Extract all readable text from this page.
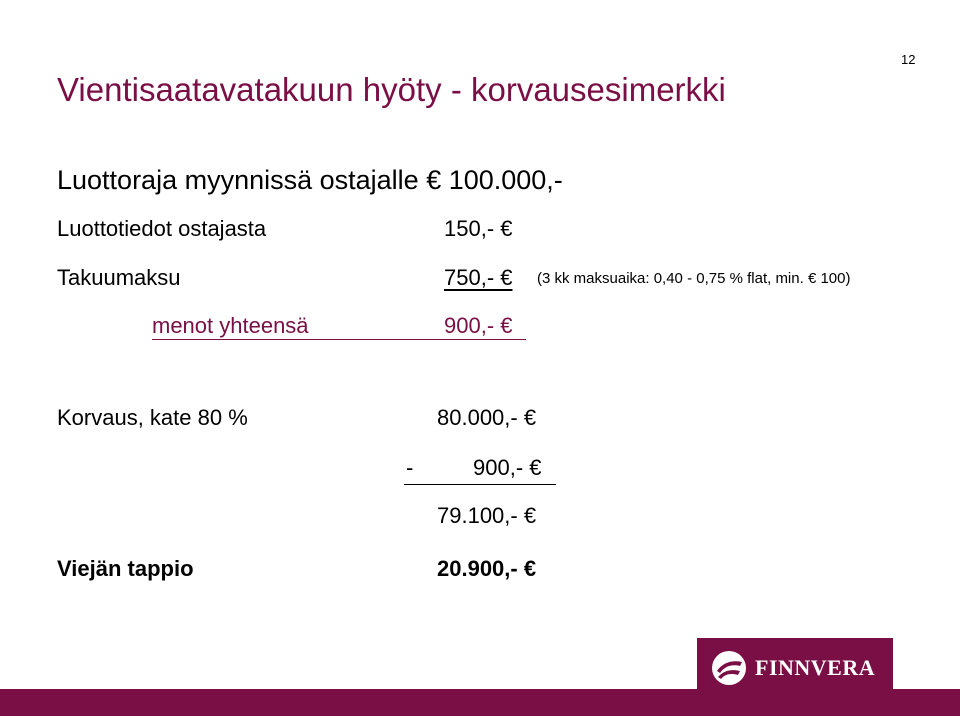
Vientisaatavatakuun hyöty - korvausesimerkki
12
Luottoraja myynnissä ostajalle € 100.000,-
Luottotiedot ostajasta	150,- €
Takuumaksu	750,- € (3 kk maksuaika: 0,40 - 0,75 % flat, min. € 100)
menot yhteensä	900,- €
Korvaus, kate 80 %	80.000,- €
-	900,- €
79.100,- €
Viejän tappio	20.900,- €
FINNVERA
